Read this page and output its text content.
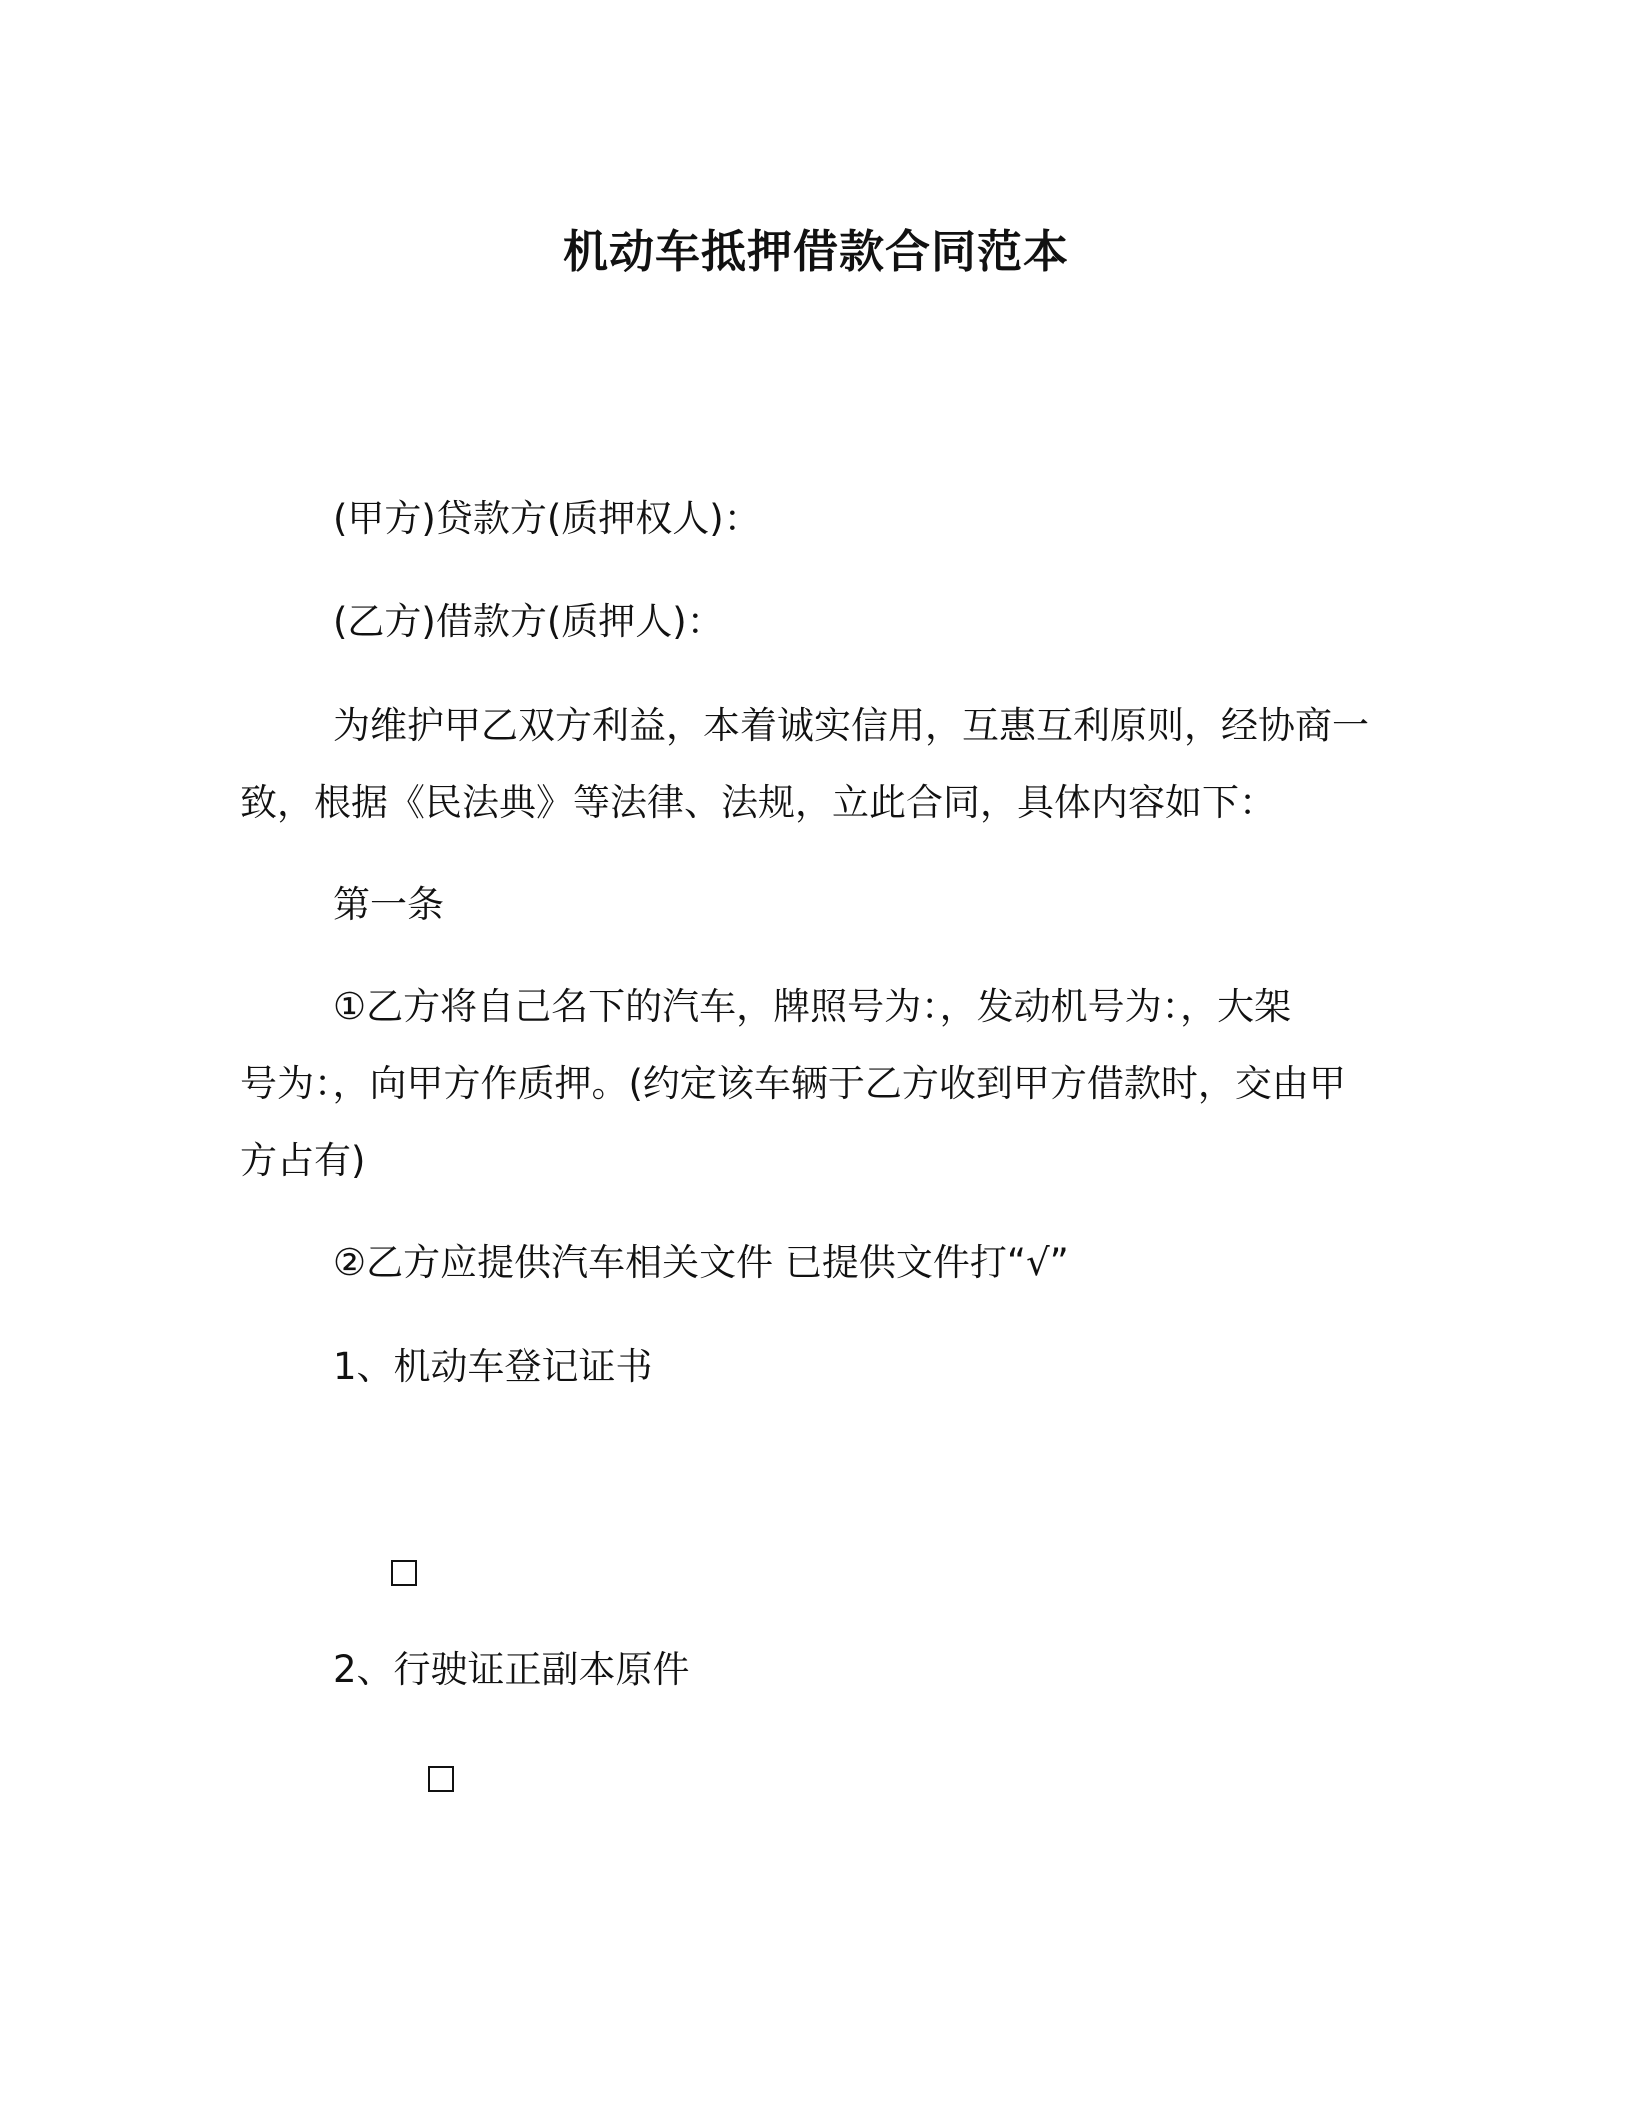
机动车抵押借款合同范本
(甲方)贷款方(质押权人)：
(乙方)借款方(质押人)：
为维护甲乙双方利益，本着诚实信用，互惠互利原则，经协商一
致，根据《民法典》等法律、法规，立此合同，具体内容如下：
第一条
①乙方将自己名下的汽车，牌照号为：，发动机号为：，大架
号为：，向甲方作质押。(约定该车辆于乙方收到甲方借款时，交由甲
方占有)
②乙方应提供汽车相关文件 已提供文件打“√”
1、机动车登记证书
2、行驶证正副本原件
